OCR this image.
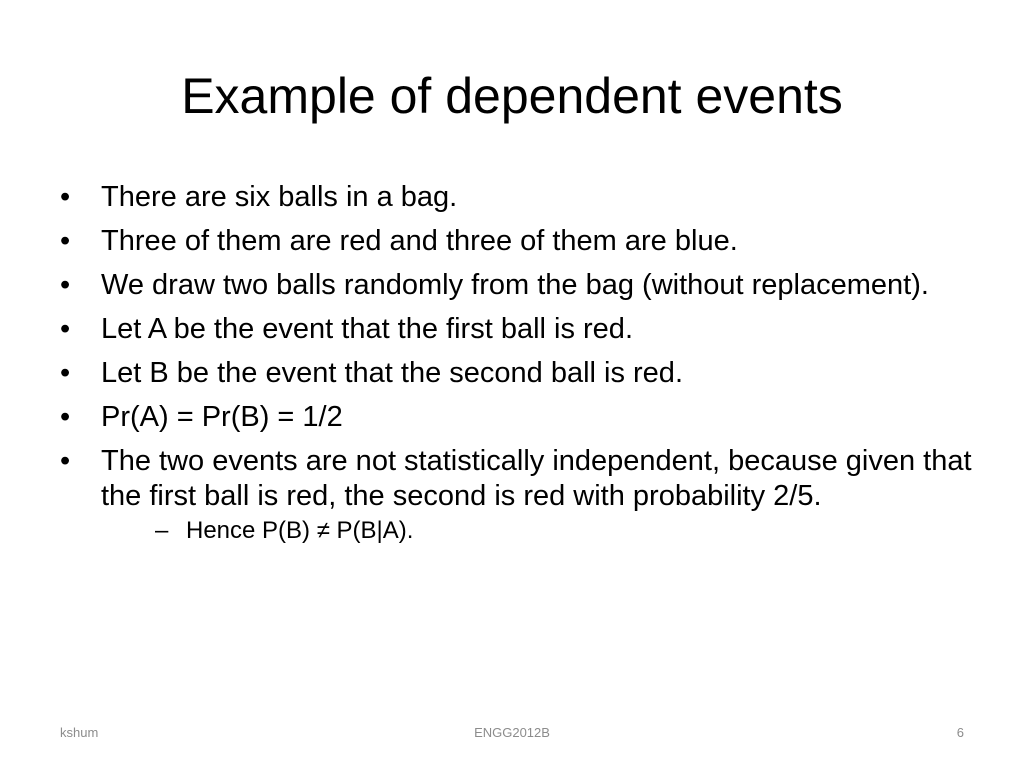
Example of dependent events
•	There are six balls in a bag.
•	Three of them are red and three of them are blue.
•	We draw two balls randomly from the bag (without replacement).
•	Let A be the event that the first ball is red.
•	Let B be the event that the second ball is red.
•	Pr(A) = Pr(B) = 1/2
•	The two events are not statistically independent, because given that the first ball is red, the second is red with probability 2/5.
– Hence P(B) ≠ P(B|A).
kshum	ENGG2012B	6
